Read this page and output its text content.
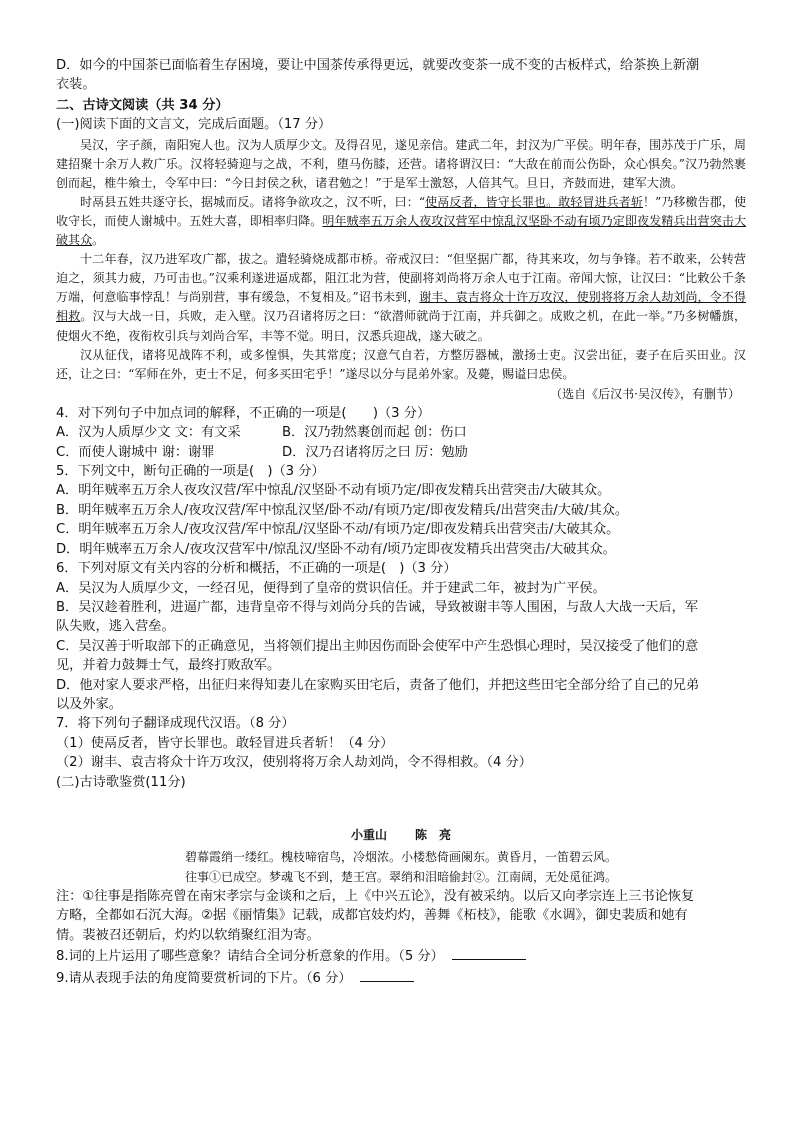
D．如今的中国茶已面临着生存困境，要让中国茶传承得更远，就要改变茶一成不变的古板样式，给茶换上新潮
衣装。

二、古诗文阅读（共 34 分）

(一)阅读下面的文言文，完成后面题。（17 分）

吴汉，字子颜，南阳宛人也。汉为人质厚少文。及得召见，遂见亲信。建武二年，封汉为广平侯。明年春，围苏茂于广乐，周建招聚十余万人救广乐。汉将轻骑迎与之战，不利，堕马伤膝，还营。诸将谓汉曰：“大敌在前而公伤卧，众心惧矣。”汉乃勃然裹创而起，椎牛飨士，令军中曰：“今日封侯之秋，诸君勉之！”于是军士激怒，人倍其气。旦日，齐鼓而进，建军大溃。

时鬲县五姓共逐守长，据城而反。诸将争欲攻之，汉不听，曰：“使鬲反者，皆守长罪也。敢轻冒进兵者斩！”乃移檄告郡，使收守长，而使人谢城中。五姓大喜，即相率归降。明年贼率五万余人夜攻汉营军中惊乱汉坚卧不动有顷乃定即夜发精兵出营突击大破其众。

十二年春，汉乃进军攻广都，拔之。遣轻骑烧成都市桥。帝戒汉曰：“但坚据广都，待其来攻，勿与争锋。若不敢来，公转营迫之，须其力疲，乃可击也。”汉乘利遂进逼成都，阻江北为营，使副将刘尚将万余人屯于江南。帝闻大惊，让汉曰：“比敕公千条万端，何意临事悖乱！与尚别营，事有缓急，不复相及。”诏书未到，谢丰、袁吉将众十许万攻汉，使别将将万余人劫刘尚，令不得相救。汉与大战一日，兵败，走入壁。汉乃召诸将厉之曰：“欲潜师就尚于江南，并兵御之。成败之机，在此一举。”乃多树幡旗，使烟火不绝，夜衔枚引兵与刘尚合军，丰等不觉。明日，汉悉兵迎战，遂大破之。

汉从征伐，诸将见战阵不利，或多惶惧，失其常度；汉意气自若，方整厉器械，激扬士吏。汉尝出征，妻子在后买田业。汉还，让之曰：“军师在外，吏士不足，何多买田宅乎！”遂尽以分与昆弟外家。及薨，赐谥曰忠侯。

（选自《后汉书·吴汉传》，有删节）

4．对下列句子中加点词的解释，不正确的一项是(　　)（3 分）

A．汉为人质厚少文 文：有文采	B．汉乃勃然裹创而起 创：伤口

C．而使人谢城中 谢：谢罪	D．汉乃召诸将厉之曰 厉：勉励

5．下列文中，断句正确的一项是(　)（3 分）

A．明年贼率五万余人夜攻汉营/军中惊乱/汉坚卧不动有顷乃定/即夜发精兵出营突击/大破其众。

B．明年贼率五万余人/夜攻汉营/军中惊乱汉坚/卧不动/有顷乃定/即夜发精兵/出营突击/大破/其众。

C．明年贼率五万余人/夜攻汉营/军中惊乱/汉坚卧不动/有顷乃定/即夜发精兵出营突击/大破其众。

D．明年贼率五万余人/夜攻汉营军中/惊乱汉/坚卧不动有/顷乃定即夜发精兵出营突击/大破其众。

6．下列对原文有关内容的分析和概括，不正确的一项是(　)（3 分）

A．吴汉为人质厚少文，一经召见，便得到了皇帝的赏识信任。并于建武二年，被封为广平侯。

B．吴汉趁着胜利，进逼广都，违背皇帝不得与刘尚分兵的告诫，导致被谢丰等人围困，与敌人大战一天后，军
队失败，逃入营垒。

C．吴汉善于听取部下的正确意见，当将领们提出主帅因伤而卧会使军中产生恐惧心理时，吴汉接受了他们的意
见，并着力鼓舞士气，最终打败敌军。

D．他对家人要求严格，出征归来得知妻儿在家购买田宅后，责备了他们，并把这些田宅全部分给了自己的兄弟
以及外家。

7．将下列句子翻译成现代汉语。（8 分）

（1）使鬲反者，皆守长罪也。敢轻冒进兵者斩！（4 分）

（2）谢丰、袁吉将众十许万攻汉，使别将将万余人劫刘尚，令不得相救。（4 分）

(二)古诗歌鉴赏(11分)

小重山 陈　亮

碧幕霞绡一缕红。槐枝啼宿鸟，冷烟浓。小楼愁倚画阑东。黄昏月，一笛碧云风。

往事①已成空。梦魂飞不到，楚王宫。翠绡和泪暗偷封②。江南阔，无处觅征鸿。

注：①往事是指陈亮曾在南宋孝宗与金谈和之后，上《中兴五论》，没有被采纳。以后又向孝宗连上三书论恢复
方略，全都如石沉大海。②据《丽情集》记载，成都官妓灼灼，善舞《柘枝》，能歌《水调》，御史裴质和她有
情。裴被召还朝后，灼灼以软绡聚红泪为寄。

8.词的上片运用了哪些意象？请结合全词分析意象的作用。（5 分）

9.请从表现手法的角度简要赏析词的下片。（6 分）
